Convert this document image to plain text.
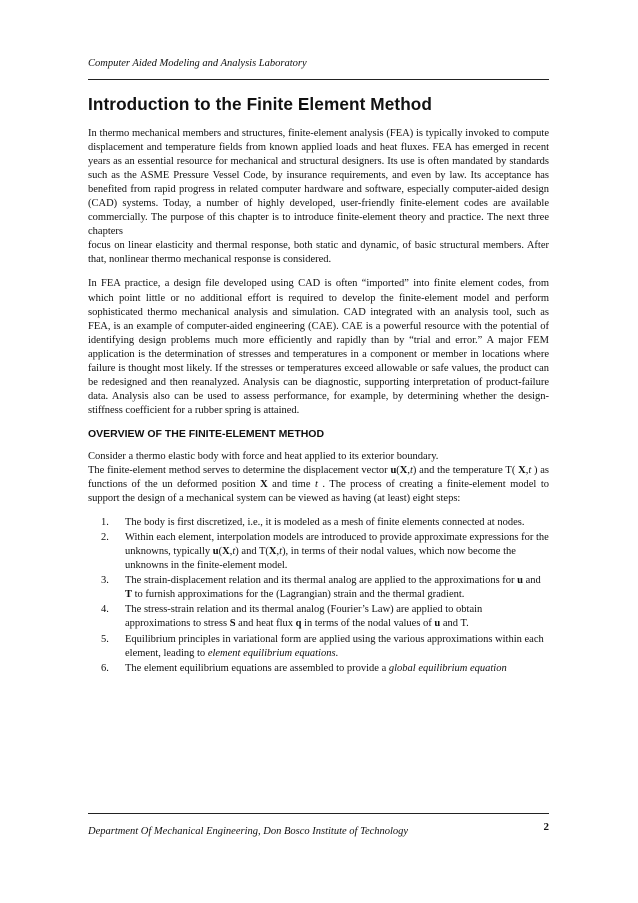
Computer Aided Modeling and Analysis Laboratory
Introduction to the Finite Element Method

In thermo mechanical members and structures, finite-element analysis (FEA) is typically invoked to compute displacement and temperature fields from known applied loads and heat fluxes. FEA has emerged in recent years as an essential resource for mechanical and structural designers. Its use is often mandated by standards such as the ASME Pressure Vessel Code, by insurance requirements, and even by law. Its acceptance has benefited from rapid progress in related computer hardware and software, especially computer-aided design (CAD) systems. Today, a number of highly developed, user-friendly finite-element codes are available commercially. The purpose of this chapter is to introduce finite-element theory and practice. The next three chapters

focus on linear elasticity and thermal response, both static and dynamic, of basic structural members. After that, nonlinear thermo mechanical response is considered.

In FEA practice, a design file developed using CAD is often “imported” into finite element codes, from which point little or no additional effort is required to develop the finite-element model and perform sophisticated thermo mechanical analysis and simulation. CAD integrated with an analysis tool, such as FEA, is an example of computer-aided engineering (CAE). CAE is a powerful resource with the potential of identifying design problems much more efficiently and rapidly than by “trial and error.” A major FEM application is the determination of stresses and temperatures in a component or member in locations where failure is thought most likely. If the stresses or temperatures exceed allowable or safe values, the product can be redesigned and then reanalyzed. Analysis can be diagnostic, supporting interpretation of product-failure data. Analysis also can be used to assess performance, for example, by determining whether the design-stiffness coefficient for a rubber spring is attained.

OVERVIEW OF THE FINITE-ELEMENT METHOD

Consider a thermo elastic body with force and heat applied to its exterior boundary.

The finite-element method serves to determine the displacement vector u(X,t) and the temperature T( X,t ) as functions of the un deformed position X and time t . The process of creating a finite-element model to support the design of a mechanical system can be viewed as having (at least) eight steps:

1. The body is first discretized, i.e., it is modeled as a mesh of finite elements connected at nodes.
2. Within each element, interpolation models are introduced to provide approximate expressions for the unknowns, typically u(X,t) and T(X,t), in terms of their nodal values, which now become the unknowns in the finite-element model.
3. The strain-displacement relation and its thermal analog are applied to the approximations for u and T to furnish approximations for the (Lagrangian) strain and the thermal gradient.
4. The stress-strain relation and its thermal analog (Fourier’s Law) are applied to obtain approximations to stress S and heat flux q in terms of the nodal values of u and T.
5. Equilibrium principles in variational form are applied using the various approximations within each element, leading to element equilibrium equations.
6. The element equilibrium equations are assembled to provide a global equilibrium equation
Department Of Mechanical Engineering, Don Bosco Institute of Technology	2
